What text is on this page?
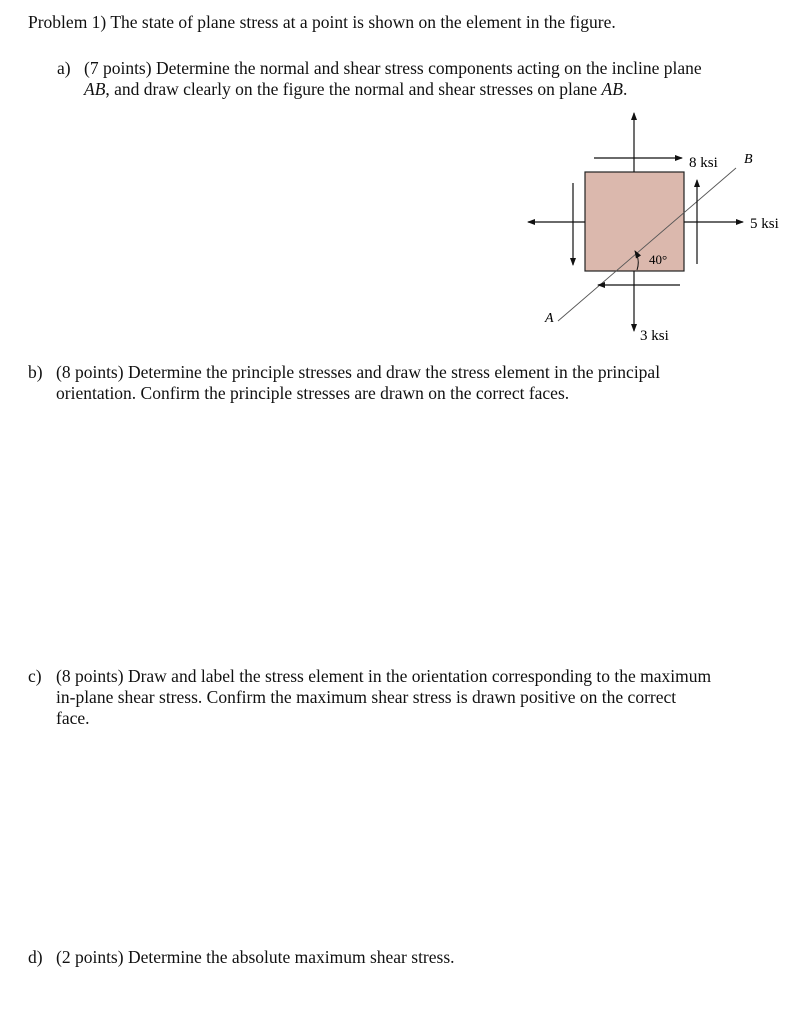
Problem 1) The state of plane stress at a point is shown on the element in the figure.
a) (7 points) Determine the normal and shear stress components acting on the incline plane
AB, and draw clearly on the figure the normal and shear stresses on plane AB.
8 ksi B
5 ksi
40°
A
3 ksi
b) (8 points) Determine the principle stresses and draw the stress element in the principal
orientation. Confirm the principle stresses are drawn on the correct faces.
c) (8 points) Draw and label the stress element in the orientation corresponding to the maximum
in-plane shear stress. Confirm the maximum shear stress is drawn positive on the correct
face.
d) (2 points) Determine the absolute maximum shear stress.
